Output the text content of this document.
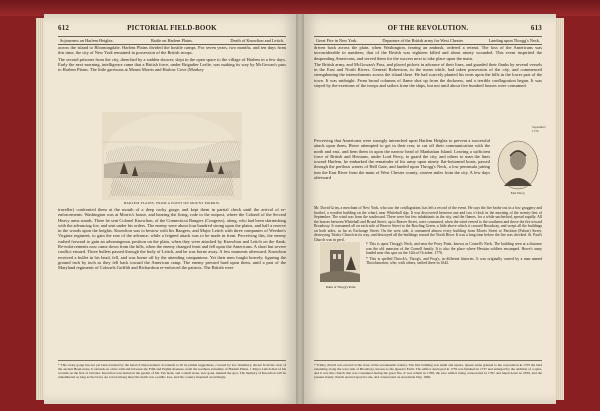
612	PICTORIAL FIELD-BOOK
Sojourners on Harlem Heights.	Battle on Harlem Plains.	Death of Knowlton and Leitch.

across the island to Bloomingdale. Harlem Plains divided the hostile camps. For seven years, two months, and ten days from this time, the city of New York remained in possession of the British troops.

The second prisoner from the city, drenched by a sudden shower, slept in the open space to the village of Harlem in a few days. Early the next morning, intelligence came that a British force, under Brigadier Leslie, was making its way by McGowan's pass to Harlem Plains. The little garrisons at Mount Morris and Harlow Cove (Monkey

HARLEM PLAINS, FROM A POINT ON MOUNT MORRIS.

traveller) confronted them at the mouth of a deep rocky gorge, and kept them in partial check until the arrival of re-enforcements. Washington was at Morris's house, and hearing the firing, rode to the outpost, where the Colonel of the Second Heavy arms stands. There he sent Colonel Knowlton, of the Connecticut Rangers (Congress), along, who had been skirmishing with the advancing foe, and sent under his orders. The enemy were about four hundred strong upon the plains, and half a reserve in the woods upon the heights. Knowlton was to bestow with his Rangers, and Major Leitch with three companies of Weedon's Virginia regiment, to gain the rear of the advance, while a feigned attack was to be made in front. Perceiving this, the enemy rushed forward to gain an advantageous position on the plain, when they were attacked by Knowlton and Leitch on the flank. Re-enforcements now came down from the hills, when the enemy changed front and fell upon the Americans. A short but severe conflict ensued. Three bullets passed through the body of Leitch, and he was borne away. A few moments afterward, Knowlton received a bullet in his head, fell, and was borne off by the attending companions. Yet their men fought bravely, figuring the ground inch by inch as they fell back toward the American camp. The enemy pressed hard upon them, until a part of the Maryland regiments of Colonels Griffith and Richardson re-enforced the patriots. The British were

* This rocky gorge has not yet been touched by the hand of improvement. It extends to all its primal ruggedness, covered by low shrubbery, shown from the crest of the ancient Bend-stone. It extends on a line with and between the Fifth and Eighth Avenues, from the northern extremity of Harlem Plains. † Major Leitch died of his wounds on the first of October. Knowlton was buried in the garden of Mr. Van Iseni, and a small stone, now gone, marked the spot. The memory of Knowlton will be remembered as long as the brave are loved among men; his death was a public loss, and the country mourned accordingly.
OF THE REVOLUTION.	613
Great Fire in New York.	Departure of the British army for West Chester.	Landing upon Throgg's Neck.

driven back across the plain, when Washington, fearing an ambush, ordered a retreat. The loss of the Americans was inconsiderable in numbers; that of the British was eighteen killed and about ninety wounded. This event inspirited the desponding Americans, and served them for the success next to take place upon the main.

The British army, and McGowan's Pass, and placed pickets in advance of their lines, and guarded their flanks by several vessels in the East and North Rivers. General Robertson, in the mean while, had taken possession of the city, and commenced strengthening the intrenchments across the island there. He had scarcely planted his tents upon the hills in the lower part of the town. It was midnight. From broad columns of flame shot up from the dockness, and a terrible conflagration began. It was stayed by the exertions of the troops and sailors from the ships, but not until about five hundred houses were consumed.

September 1776.

Perceiving that Americans were strongly intrenched upon Harlem Heights to prevent a successful attack upon them, Howe attempted to get in their rear, to cut off their communication with the north and east, and hem them in upon the narrow head of Manhattan Island. Leaving a sufficient force of British and Hessians, under Lord Percy, to guard the city, and others to man the lines toward Harlem, he embarked the remainder of his army upon ninety flat-bottomed boats, passed through the perilous waters of Hell Gate, and landed upon Throgg's Neck, a low peninsula jutting into the East River from the main of West Chester county, sixteen miles from the city. A few days afterward

Earl Percy.

Mr. David Grim, a merchant of New York, who saw the conflagration, has left a record of the event. He says the fire broke out in a low groggery and brothel, a wooden building on the wharf, near Whitehall slip. It was discovered between one and two o'clock in the morning of the twenty-first of September. The wind was from the southward. There were but few inhabitants in the city, and the flames, for a while unchecked, spread rapidly. All the houses between Whitehall and Broad Street, up to Beaver Street, were consumed, when the wind veered to the southeast and drove the fire toward Broadway. It consumed all on each side of Beaver Street to the Bowling Green, a little above which it crossed Broadway, and swept all the buildings on both sides, as far as Exchange Street. On the west side, it consumed almost every building from Morris Street to Partition (Fulton) Street, destroying Trinity Church in its way, and destroyed all the buildings toward the North River. It was a long time before the fire was checked. St. Paul's Church was in peril.

Ruins of Throgg's Point.

† This is upon Throgg's Neck, and near the Ferry Point, known as Cornell's Neck. The building seen at a distance was the old mansion of the Cornell family. It is also the place where Hessian soldiers encamped. Howe's army landed near this spot on the 12th of October, 1776.

* This is spelled Throck's, Throg's, and Frog's, in different histories. It was originally owned by a man named Throckmorton, who, with others, settled there in 1642.

* Trinity church was erected at the close of the seventeenth century. The first building was small and square. Queen Anne granted to the corporation in 1705 the land extending along the west side of Broadway, known as the Queen's Farm. The edifice destroyed in 1776 was finished in 1737 and enlarged by the addition of a spire, and it was this church that was consumed during the great fire. It was rebuilt in 1788, the new edifice being consecrated in 1791 and taken down in 1839, and the present stately church erected upon its site, and consecrated on Ascension Day, 1846.
